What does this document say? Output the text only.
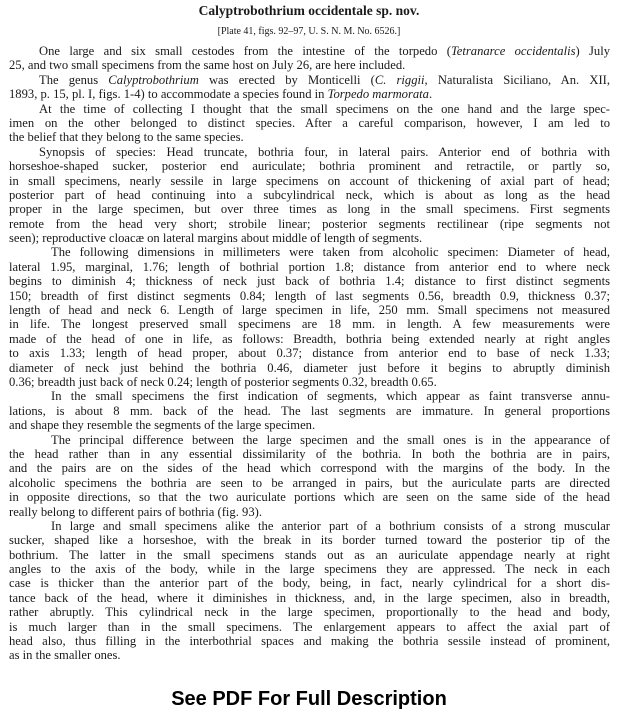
Calyptrobothrium occidentale sp. nov.
[Plate 41, figs. 92–97, U. S. N. M. No. 6526.]
One large and six small cestodes from the intestine of the torpedo (Tetranarce occidentalis) July
25, and two small specimens from the same host on July 26, are here included.
The genus Calyptrobothrium was erected by Monticelli (C. riggii, Naturalista Siciliano, An. XII,
1893, p. 15, pl. I, figs. 1-4) to accommodate a species found in Torpedo marmorata.
At the time of collecting I thought that the small specimens on the one hand and the large spec-
imen on the other belonged to distinct species. After a careful comparison, however, I am led to
the belief that they belong to the same species.
Synopsis of species: Head truncate, bothria four, in lateral pairs. Anterior end of bothria with
horseshoe-shaped sucker, posterior end auriculate; bothria prominent and retractile, or partly so,
in small specimens, nearly sessile in large specimens on account of thickening of axial part of head;
posterior part of head continuing into a subcylindrical neck, which is about as long as the head
proper in the large specimen, but over three times as long in the small specimens. First segments
remote from the head very short; strobile linear; posterior segments rectilinear (ripe segments not
seen); reproductive cloacæ on lateral margins about middle of length of segments.
The following dimensions in millimeters were taken from alcoholic specimen: Diameter of head,
lateral 1.95, marginal, 1.76; length of bothrial portion 1.8; distance from anterior end to where neck
begins to diminish 4; thickness of neck just back of bothria 1.4; distance to first distinct segments
150; breadth of first distinct segments 0.84; length of last segments 0.56, breadth 0.9, thickness 0.37;
length of head and neck 6. Length of large specimen in life, 250 mm. Small specimens not measured
in life. The longest preserved small specimens are 18 mm. in length. A few measurements were
made of the head of one in life, as follows: Breadth, bothria being extended nearly at right angles
to axis 1.33; length of head proper, about 0.37; distance from anterior end to base of neck 1.33;
diameter of neck just behind the bothria 0.46, diameter just before it begins to abruptly diminish
0.36; breadth just back of neck 0.24; length of posterior segments 0.32, breadth 0.65.
In the small specimens the first indication of segments, which appear as faint transverse annu-
lations, is about 8 mm. back of the head. The last segments are immature. In general proportions
and shape they resemble the segments of the large specimen.
The principal difference between the large specimen and the small ones is in the appearance of
the head rather than in any essential dissimilarity of the bothria. In both the bothria are in pairs,
and the pairs are on the sides of the head which correspond with the margins of the body. In the
alcoholic specimens the bothria are seen to be arranged in pairs, but the auriculate parts are directed
in opposite directions, so that the two auriculate portions which are seen on the same side of the head
really belong to different pairs of bothria (fig. 93).
In large and small specimens alike the anterior part of a bothrium consists of a strong muscular
sucker, shaped like a horseshoe, with the break in its border turned toward the posterior tip of the
bothrium. The latter in the small specimens stands out as an auriculate appendage nearly at right
angles to the axis of the body, while in the large specimens they are appressed. The neck in each
case is thicker than the anterior part of the body, being, in fact, nearly cylindrical for a short dis-
tance back of the head, where it diminishes in thickness, and, in the large specimen, also in breadth,
rather abruptly. This cylindrical neck in the large specimen, proportionally to the head and body,
is much larger than in the small specimens. The enlargement appears to affect the axial part of
head also, thus filling in the interbothrial spaces and making the bothria sessile instead of prominent,
as in the smaller ones.
See PDF For Full Description
